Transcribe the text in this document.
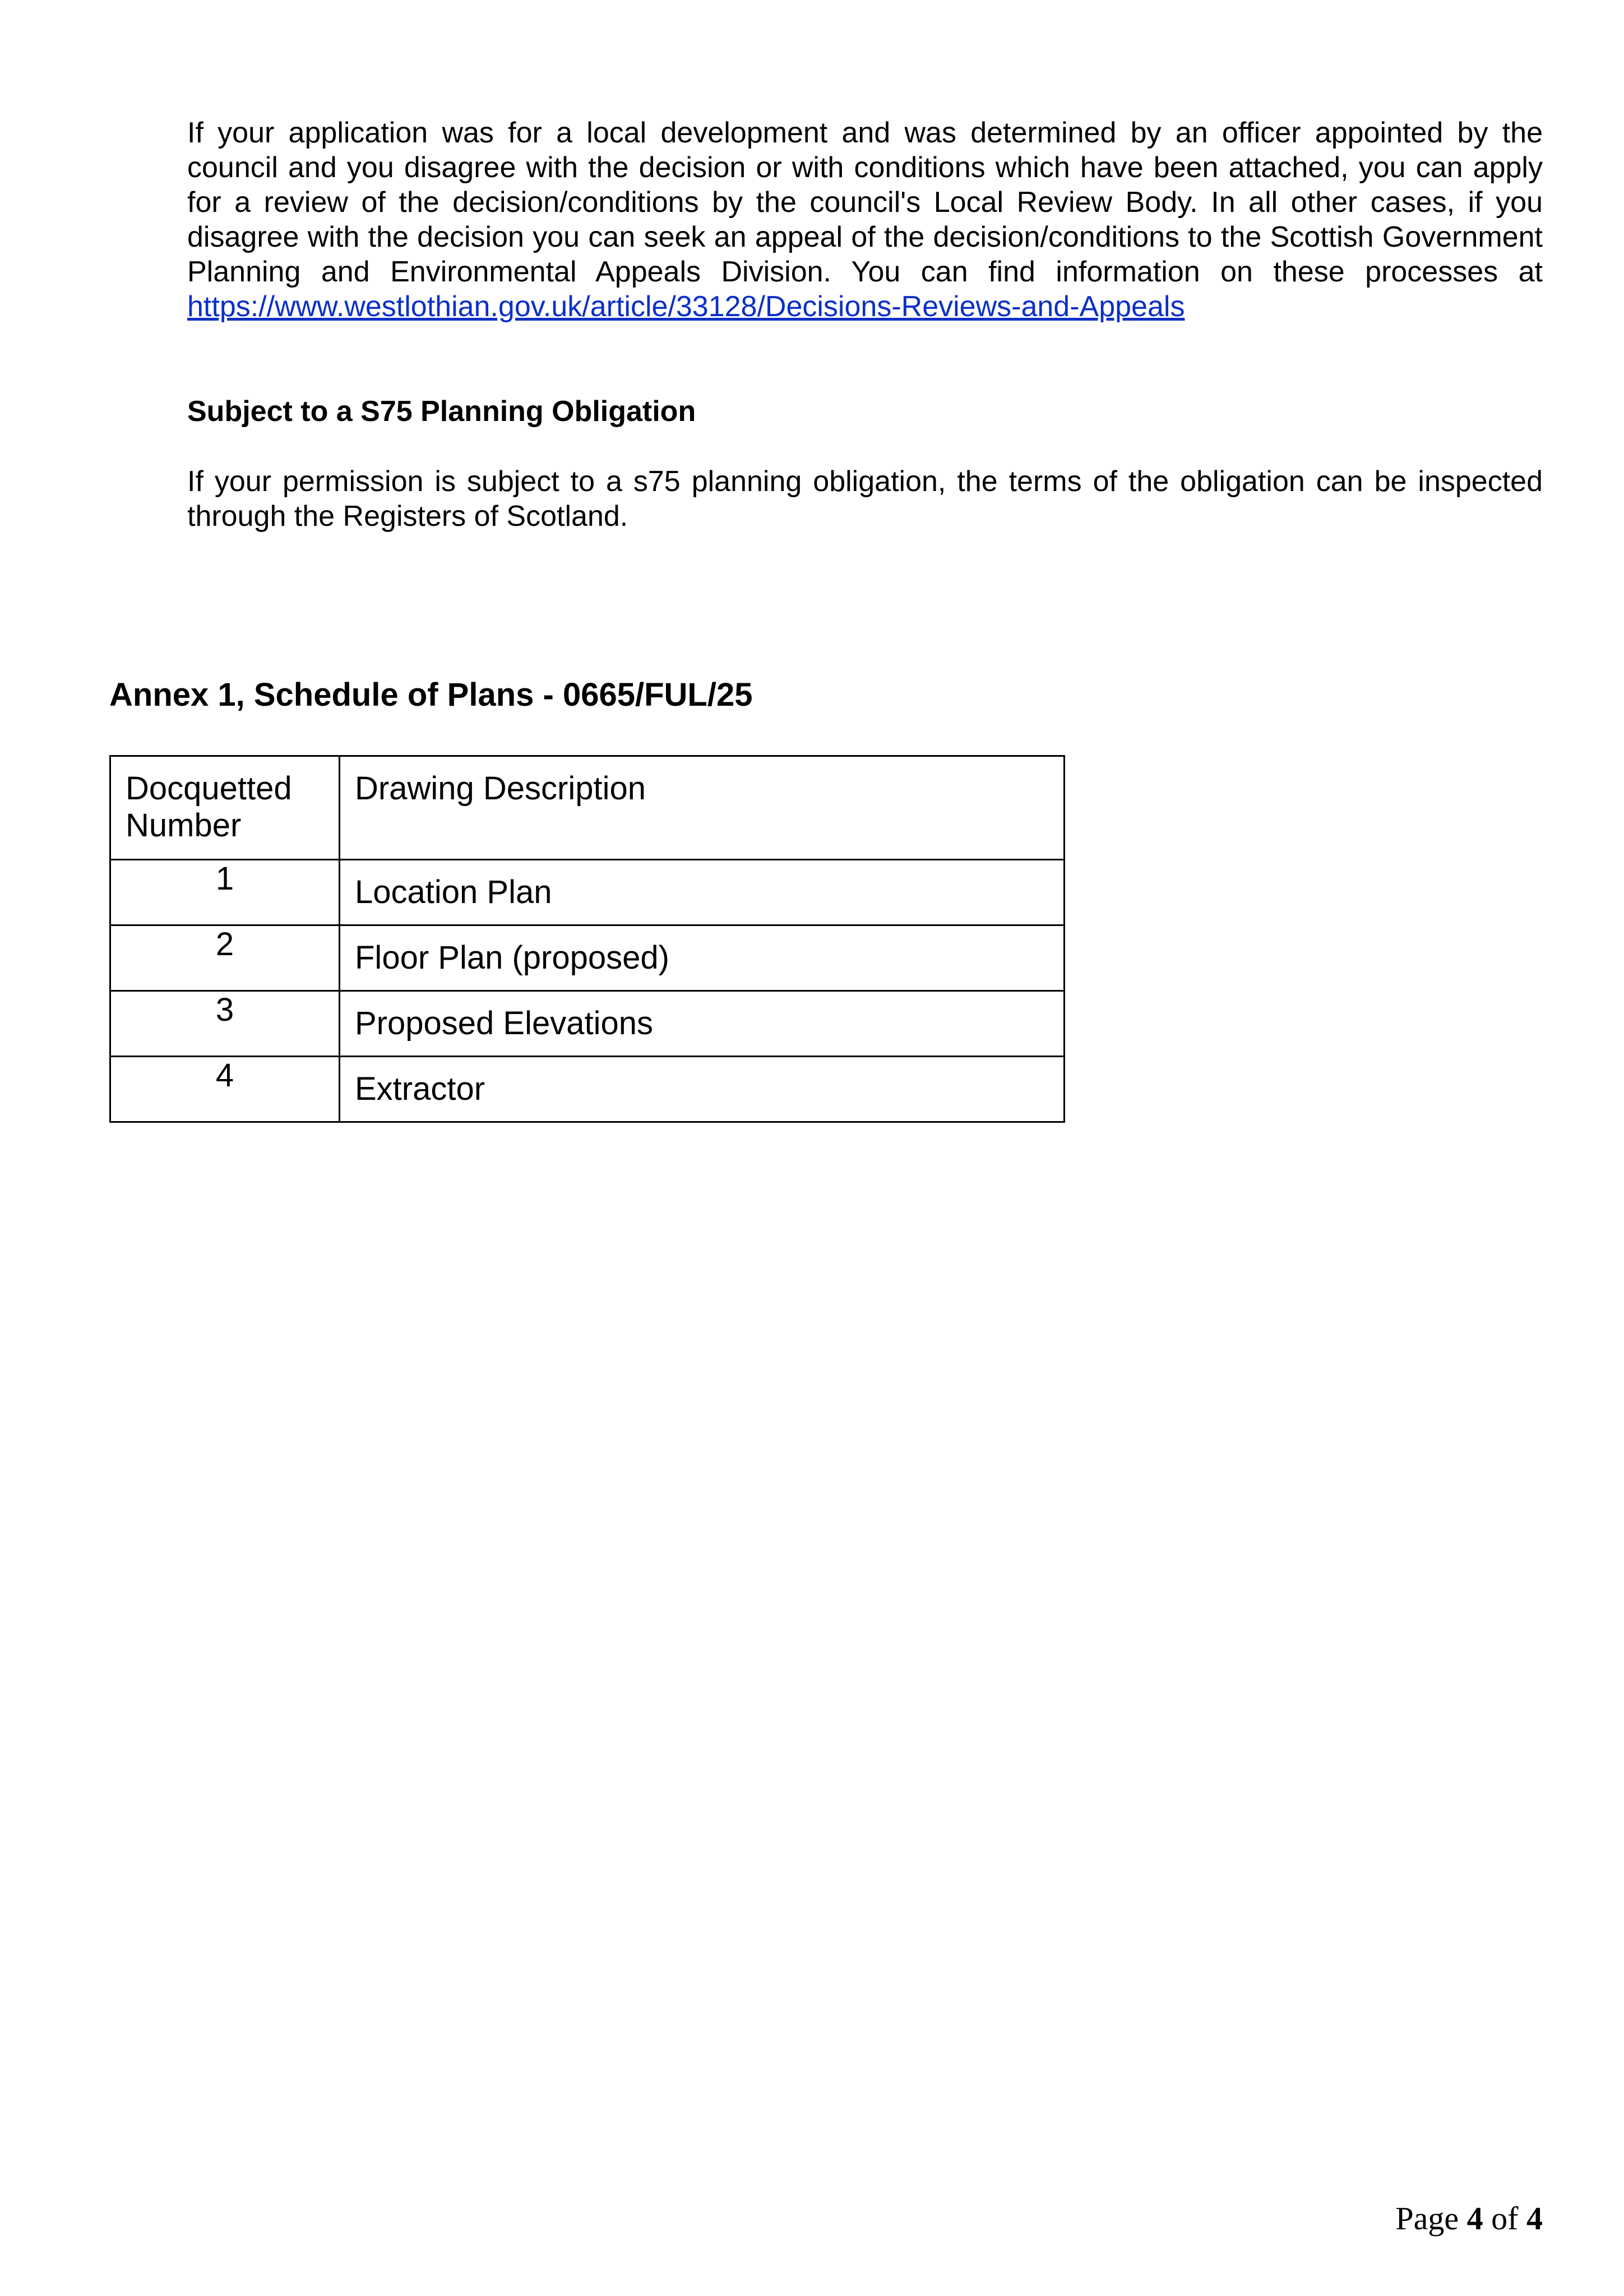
If your application was for a local development and was determined by an officer appointed by the council and you disagree with the decision or with conditions which have been attached, you can apply for a review of the decision/conditions by the council's Local Review Body. In all other cases, if you disagree with the decision you can seek an appeal of the decision/conditions to the Scottish Government Planning and Environmental Appeals Division. You can find information on these processes at https://www.westlothian.gov.uk/article/33128/Decisions-Reviews-and-Appeals
Subject to a S75 Planning Obligation
If your permission is subject to a s75 planning obligation, the terms of the obligation can be inspected through the Registers of Scotland.
Annex 1, Schedule of Plans - 0665/FUL/25
Docquetted Number	Drawing Description
1	Location Plan
2	Floor Plan (proposed)
3	Proposed Elevations
4	Extractor
Page 4 of 4
